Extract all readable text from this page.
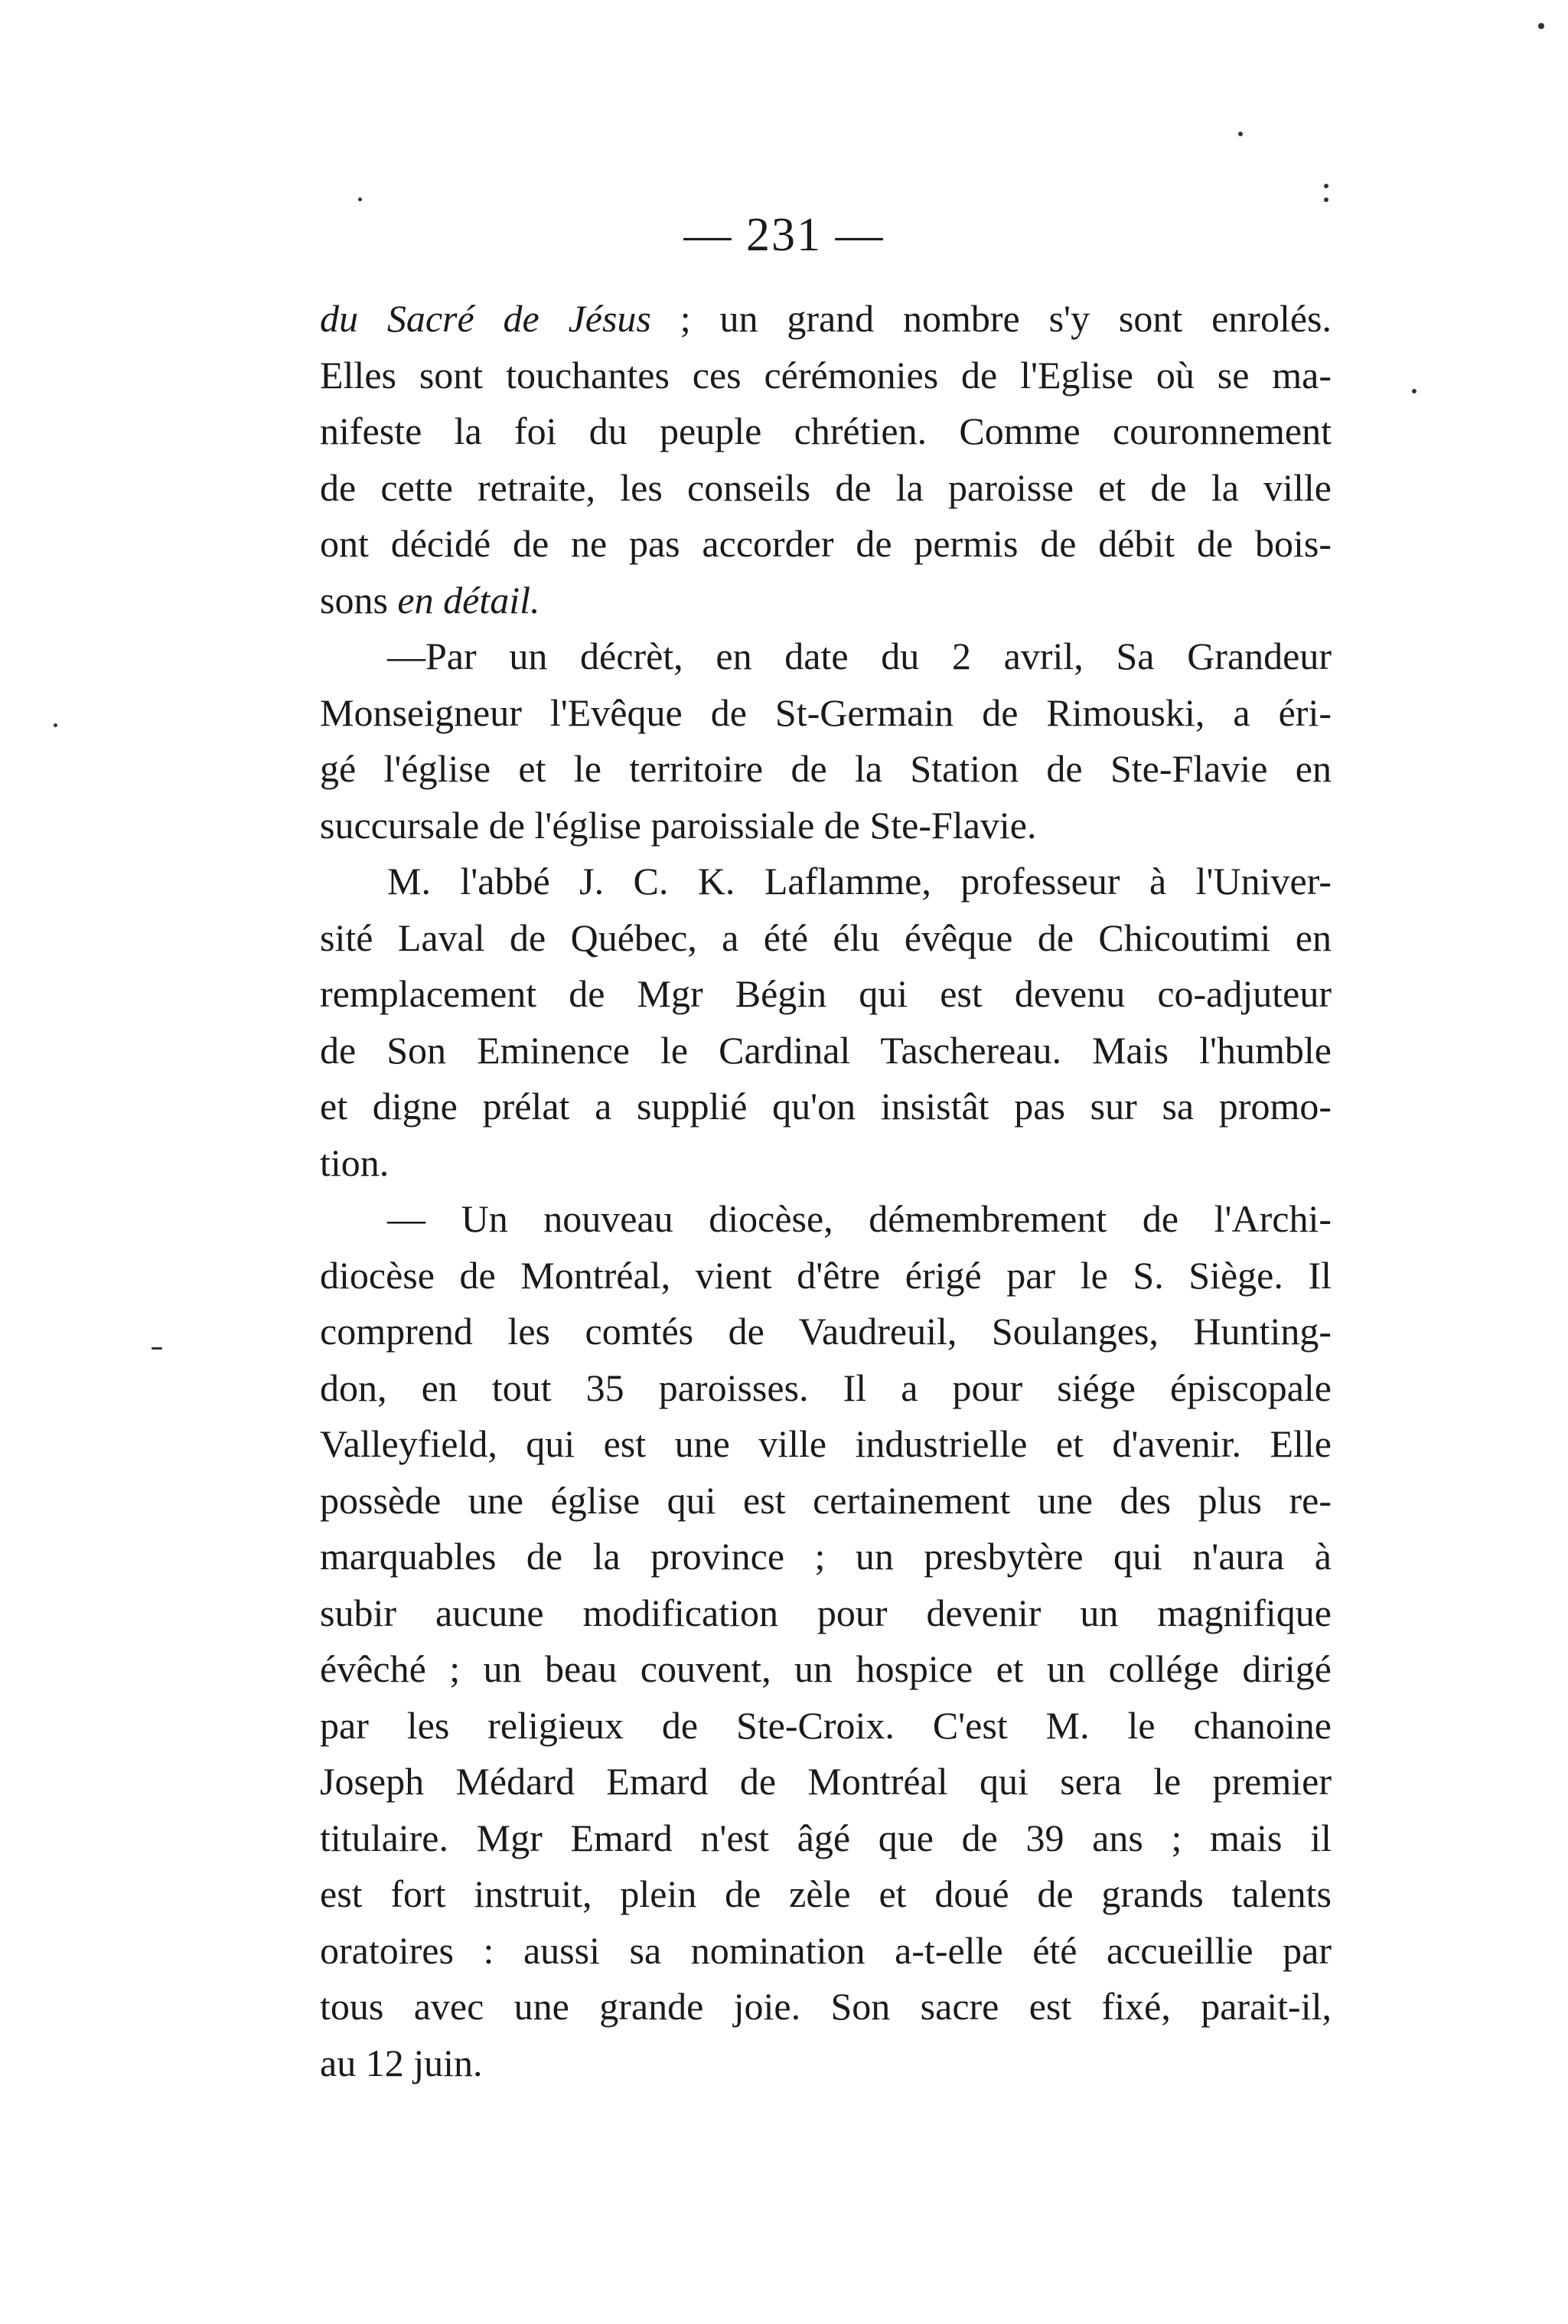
— 231 —
du Sacré de Jésus ; un grand nombre s'y sont enrolés.
Elles sont touchantes ces cérémonies de l'Eglise où se ma-
nifeste la foi du peuple chrétien. Comme couronnement
de cette retraite, les conseils de la paroisse et de la ville
ont décidé de ne pas accorder de permis de débit de bois-
sons en détail.
—Par un décrèt, en date du 2 avril, Sa Grandeur
Monseigneur l'Evêque de St-Germain de Rimouski, a éri-
gé l'église et le territoire de la Station de Ste-Flavie en
succursale de l'église paroissiale de Ste-Flavie.
M. l'abbé J. C. K. Laflamme, professeur à l'Univer-
sité Laval de Québec, a été élu évêque de Chicoutimi en
remplacement de Mgr Bégin qui est devenu co-adjuteur
de Son Eminence le Cardinal Taschereau. Mais l'humble
et digne prélat a supplié qu'on insistât pas sur sa promo-
tion.
— Un nouveau diocèse, démembrement de l'Archi-
diocèse de Montréal, vient d'être érigé par le S. Siège. Il
comprend les comtés de Vaudreuil, Soulanges, Hunting-
don, en tout 35 paroisses. Il a pour siége épiscopale
Valleyfield, qui est une ville industrielle et d'avenir. Elle
possède une église qui est certainement une des plus re-
marquables de la province ; un presbytère qui n'aura à
subir aucune modification pour devenir un magnifique
évêché ; un beau couvent, un hospice et un collége dirigé
par les religieux de Ste-Croix. C'est M. le chanoine
Joseph Médard Emard de Montréal qui sera le premier
titulaire. Mgr Emard n'est âgé que de 39 ans ; mais il
est fort instruit, plein de zèle et doué de grands talents
oratoires : aussi sa nomination a-t-elle été accueillie par
tous avec une grande joie. Son sacre est fixé, parait-il,
au 12 juin.
